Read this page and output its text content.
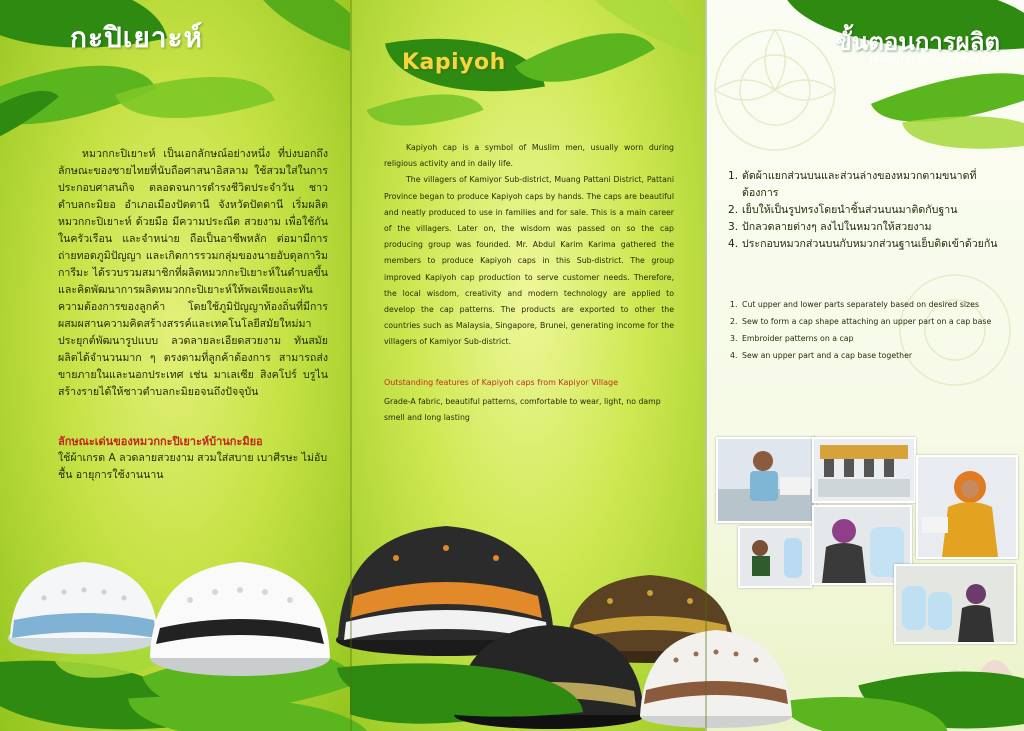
กะปิเยาะห์

หมวกกะปิเยาะห์ เป็นเอกลักษณ์อย่างหนึ่ง ที่บ่งบอกถึงลักษณะของชายไทยที่นับถือศาสนาอิสลาม ใช้สวมใส่ในการประกอบศาสนกิจ ตลอดจนการดำรงชีวิตประจำวัน ชาวตำบลกะมิยอ อำเภอเมืองปัตตานี จังหวัดปัตตานี เริ่มผลิตหมวกกะปิเยาะห์ ด้วยมือ มีความประณีต สวยงาม เพื่อใช้กันในครัวเรือน และจำหน่าย ถือเป็นอาชีพหลัก ต่อมามีการถ่ายทอดภูมิปัญญา และเกิดการรวมกลุ่มของนายอับดุลการิม การีมะ ได้รวบรวมสมาชิกที่ผลิตหมวกกะปิเยาะห์ในตำบลขึ้น และคิดพัฒนาการผลิตหมวกกะปิเยาะห์ให้พอเพียงและทันความต้องการของลูกค้า โดยใช้ภูมิปัญญาท้องถิ่นที่มีการผสมผสานความคิดสร้างสรรค์และเทคโนโลยีสมัยใหม่มาประยุกต์พัฒนารูปแบบ ลวดลายละเอียดสวยงาม ทันสมัย ผลิตได้จำนวนมาก ๆ ตรงตามที่ลูกค้าต้องการ สามารถส่งขายภายในและนอกประเทศ เช่น มาเลเซีย สิงคโปร์ บรูไน สร้างรายได้ให้ชาวตำบลกะมิยอจนถึงปัจจุบัน

ลักษณะเด่นของหมวกกะปิเยาะห์บ้านกะมิยอ
ใช้ผ้าเกรด A ลวดลายสวยงาม สวมใส่สบาย เบาศีรษะ ไม่อับชื้น อายุการใช้งานนาน
Kapiyoh

Kapiyoh cap is a symbol of Muslim men, usually worn during religious activity and in daily life.

The villagers of Kamiyor Sub-district, Muang Pattani District, Pattani Province began to produce Kapiyoh caps by hands. The caps are beautiful and neatly produced to use in families and for sale. This is a main career of the villagers. Later on, the wisdom was passed on so the cap producing group was founded. Mr. Abdul Karim Karima gathered the members to produce Kapiyoh caps in this Sub-district. The group improved Kapiyoh cap production to serve customer needs. Therefore, the local wisdom, creativity and modern technology are applied to develop the cap patterns. The products are exported to other the countries such as Malaysia, Singapore, Brunei, generating income for the villagers of Kamiyor Sub-district.

Outstanding features of Kapiyoh caps from Kapiyor Village
Grade-A fabric, beautiful patterns, comfortable to wear, light, no damp smell and long lasting
ขั้นตอนการผลิต
Manufacturing Process
1. ตัดผ้าแยกส่วนบนและส่วนล่างของหมวกตามขนาดที่ต้องการ
2. เย็บให้เป็นรูปทรงโดยนำชิ้นส่วนบนมาติดกับฐาน
3. ปักลวดลายต่างๆ ลงไปในหมวกให้สวยงาม
4. ประกอบหมวกส่วนบนกับหมวกส่วนฐานเย็บติดเข้าด้วยกัน
1. Cut upper and lower parts separately based on desired sizes
2. Sew to form a cap shape attaching an upper part on a cap base
3. Embroider patterns on a cap
4. Sew an upper part and a cap base together
